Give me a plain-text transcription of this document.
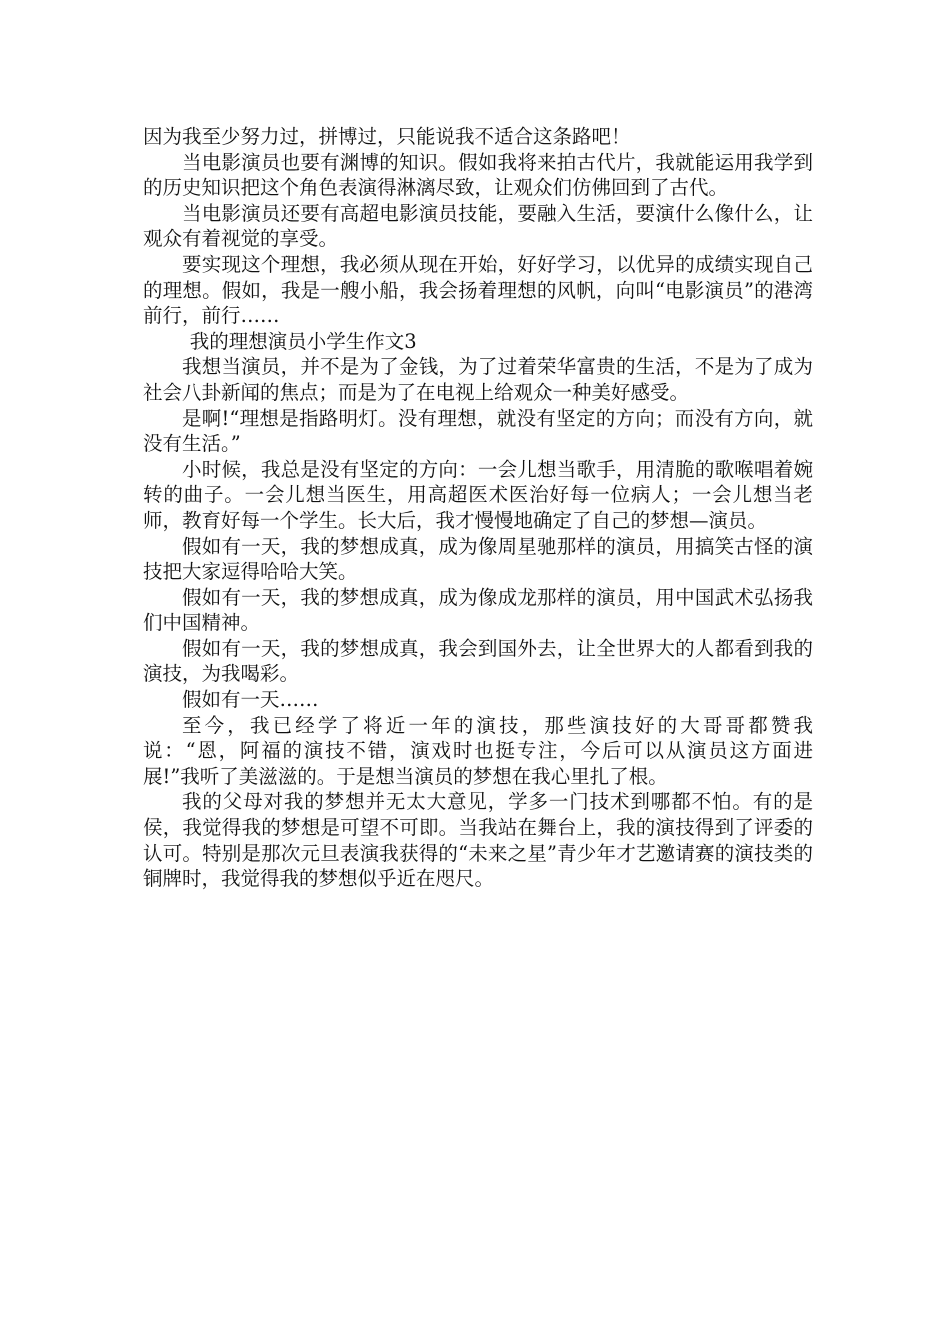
因为我至少努力过，拼博过，只能说我不适合这条路吧！

当电影演员也要有渊博的知识。假如我将来拍古代片，我就能运用我学到的历史知识把这个角色表演得淋漓尽致，让观众们仿佛回到了古代。

当电影演员还要有高超电影演员技能，要融入生活，要演什么像什么，让观众有着视觉的享受。

要实现这个理想，我必须从现在开始，好好学习，以优异的成绩实现自己的理想。假如，我是一艘小船，我会扬着理想的风帆，向叫“电影演员”的港湾前行，前行……

我的理想演员小学生作文3

我想当演员，并不是为了金钱，为了过着荣华富贵的生活，不是为了成为社会八卦新闻的焦点；而是为了在电视上给观众一种美好感受。

是啊!“理想是指路明灯。没有理想，就没有坚定的方向；而没有方向，就没有生活。”

小时候，我总是没有坚定的方向：一会儿想当歌手，用清脆的歌喉唱着婉转的曲子。一会儿想当医生，用高超医术医治好每一位病人；一会儿想当老师，教育好每一个学生。长大后，我才慢慢地确定了自己的梦想—演员。

假如有一天，我的梦想成真，成为像周星驰那样的演员，用搞笑古怪的演技把大家逗得哈哈大笑。

假如有一天，我的梦想成真，成为像成龙那样的演员，用中国武术弘扬我们中国精神。

假如有一天，我的梦想成真，我会到国外去，让全世界大的人都看到我的演技，为我喝彩。

假如有一天……

至今，我已经学了将近一年的演技，那些演技好的大哥哥都赞我说：“恩，阿福的演技不错，演戏时也挺专注，今后可以从演员这方面进展!”我听了美滋滋的。于是想当演员的梦想在我心里扎了根。

我的父母对我的梦想并无太大意见，学多一门技术到哪都不怕。有的是侯，我觉得我的梦想是可望不可即。当我站在舞台上，我的演技得到了评委的认可。特别是那次元旦表演我获得的“未来之星”青少年才艺邀请赛的演技类的铜牌时，我觉得我的梦想似乎近在咫尺。
